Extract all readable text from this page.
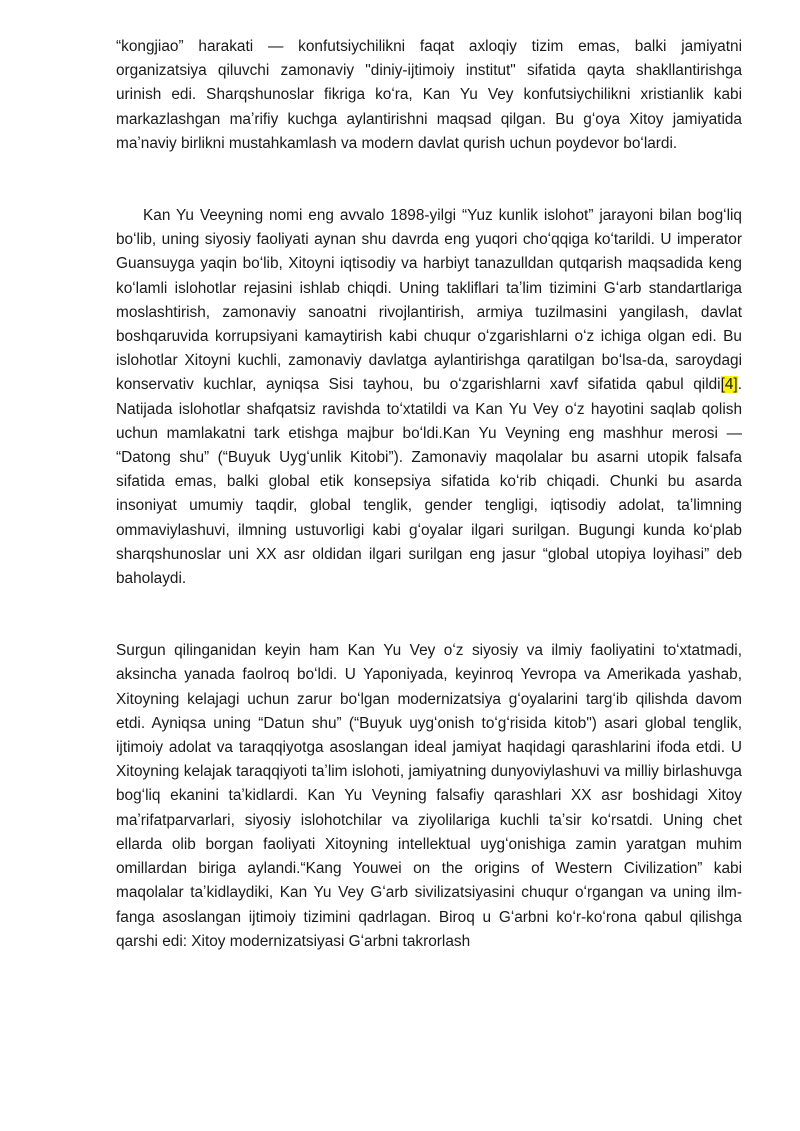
“kongjiao” harakati — konfutsiychilikni faqat axloqiy tizim emas, balki jamiyatni organizatsiya qiluvchi zamonaviy "diniy-ijtimoiy institut" sifatida qayta shakllantirishga urinish edi. Sharqshunoslar fikriga koʻra, Kan Yu Vey konfutsiychilikni xristianlik kabi markazlashgan maʼrifiy kuchga aylantirishni maqsad qilgan. Bu gʻoya Xitoy jamiyatida maʼnaviy birlikni mustahkamlash va modern davlat qurish uchun poydevor boʻlardi.

Kan Yu Veeyning nomi eng avvalo 1898-yilgi “Yuz kunlik islohot” jarayoni bilan bogʻliq boʻlib, uning siyosiy faoliyati aynan shu davrda eng yuqori choʻqqiga koʻtarildi. U imperator Guansuyga yaqin boʻlib, Xitoyni iqtisodiy va harbiyt tanazulldan qutqarish maqsadida keng koʻlamli islohotlar rejasini ishlab chiqdi. Uning takliflari taʼlim tizimini Gʻarb standartlariga moslashtirish, zamonaviy sanoatni rivojlantirish, armiya tuzilmasini yangilash, davlat boshqaruvida korrupsiyani kamaytirish kabi chuqur oʻzgarishlarni oʻz ichiga olgan edi. Bu islohotlar Xitoyni kuchli, zamonaviy davlatga aylantirishga qaratilgan boʻlsa-da, saroydagi konservativ kuchlar, ayniqsa Sisi tayhou, bu oʻzgarishlarni xavf sifatida qabul qildi[4]. Natijada islohotlar shafqatsiz ravishda toʻxtatildi va Kan Yu Vey oʻz hayotini saqlab qolish uchun mamlakatni tark etishga majbur boʻldi.Kan Yu Veyning eng mashhur merosi — “Datong shu” (“Buyuk Uygʻunlik Kitobi”). Zamonaviy maqolalar bu asarni utopik falsafa sifatida emas, balki global etik konsepsiya sifatida koʻrib chiqadi. Chunki bu asarda insoniyat umumiy taqdir, global tenglik, gender tengligi, iqtisodiy adolat, taʼlimning ommaviylashuvi, ilmning ustuvorligi kabi gʻoyalar ilgari surilgan. Bugungi kunda koʻplab sharqshunoslar uni XX asr oldidan ilgari surilgan eng jasur “global utopiya loyihasi” deb baholaydi.

Surgun qilinganidan keyin ham Kan Yu Vey oʻz siyosiy va ilmiy faoliyatini toʻxtatmadi, aksincha yanada faolroq boʻldi. U Yaponiyada, keyinroq Yevropa va Amerikada yashab, Xitoyning kelajagi uchun zarur boʻlgan modernizatsiya gʻoyalarini targʻib qilishda davom etdi. Ayniqsa uning “Datun shu” (“Buyuk uygʻonish toʻgʻrisida kitob") asari global tenglik, ijtimoiy adolat va taraqqiyotga asoslangan ideal jamiyat haqidagi qarashlarini ifoda etdi. U Xitoyning kelajak taraqqiyoti taʼlim islohoti, jamiyatning dunyoviylashuvi va milliy birlashuvga bogʻliq ekanini taʼkidlardi. Kan Yu Veyning falsafiy qarashlari XX asr boshidagi Xitoy maʼrifatparvarlari, siyosiy islohotchilar va ziyolilariga kuchli taʼsir koʻrsatdi. Uning chet ellarda olib borgan faoliyati Xitoyning intellektual uygʻonishiga zamin yaratgan muhim omillardan biriga aylandi.“Kang Youwei on the origins of Western Civilization” kabi maqolalar taʼkidlaydiki, Kan Yu Vey Gʻarb sivilizatsiyasini chuqur oʻrgangan va uning ilm-fanga asoslangan ijtimoiy tizimini qadrlagan. Biroq u Gʻarbni koʻr-koʻrona qabul qilishga qarshi edi: Xitoy modernizatsiyasi Gʻarbni takrorlash
